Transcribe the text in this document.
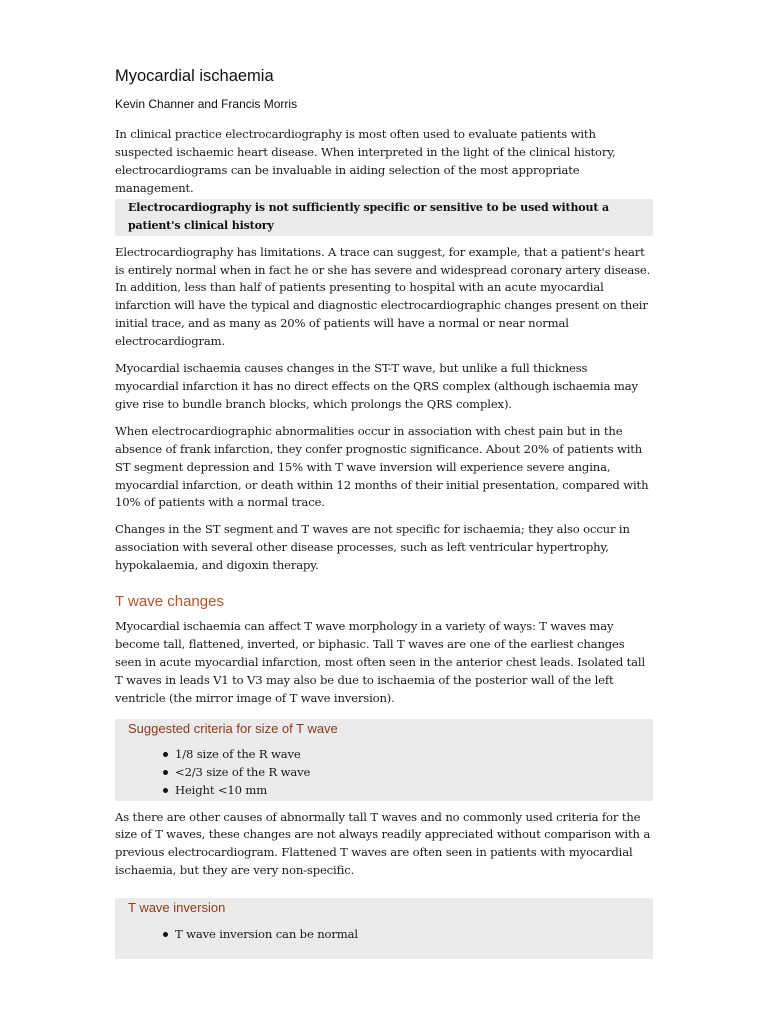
Myocardial ischaemia

Kevin Channer and Francis Morris

In clinical practice electrocardiography is most often used to evaluate patients with suspected ischaemic heart disease. When interpreted in the light of the clinical history, electrocardiograms can be invaluable in aiding selection of the most appropriate management.

Electrocardiography is not sufficiently specific or sensitive to be used without a patient's clinical history

Electrocardiography has limitations. A trace can suggest, for example, that a patient's heart is entirely normal when in fact he or she has severe and widespread coronary artery disease. In addition, less than half of patients presenting to hospital with an acute myocardial infarction will have the typical and diagnostic electrocardiographic changes present on their initial trace, and as many as 20% of patients will have a normal or near normal electrocardiogram.

Myocardial ischaemia causes changes in the ST-T wave, but unlike a full thickness myocardial infarction it has no direct effects on the QRS complex (although ischaemia may give rise to bundle branch blocks, which prolongs the QRS complex).

When electrocardiographic abnormalities occur in association with chest pain but in the absence of frank infarction, they confer prognostic significance. About 20% of patients with ST segment depression and 15% with T wave inversion will experience severe angina, myocardial infarction, or death within 12 months of their initial presentation, compared with 10% of patients with a normal trace.

Changes in the ST segment and T waves are not specific for ischaemia; they also occur in association with several other disease processes, such as left ventricular hypertrophy, hypokalaemia, and digoxin therapy.

T wave changes

Myocardial ischaemia can affect T wave morphology in a variety of ways: T waves may become tall, flattened, inverted, or biphasic. Tall T waves are one of the earliest changes seen in acute myocardial infarction, most often seen in the anterior chest leads. Isolated tall T waves in leads V1 to V3 may also be due to ischaemia of the posterior wall of the left ventricle (the mirror image of T wave inversion).

Suggested criteria for size of T wave
1/8 size of the R wave
<2/3 size of the R wave
Height <10 mm

As there are other causes of abnormally tall T waves and no commonly used criteria for the size of T waves, these changes are not always readily appreciated without comparison with a previous electrocardiogram. Flattened T waves are often seen in patients with myocardial ischaemia, but they are very non-specific.

T wave inversion
T wave inversion can be normal
